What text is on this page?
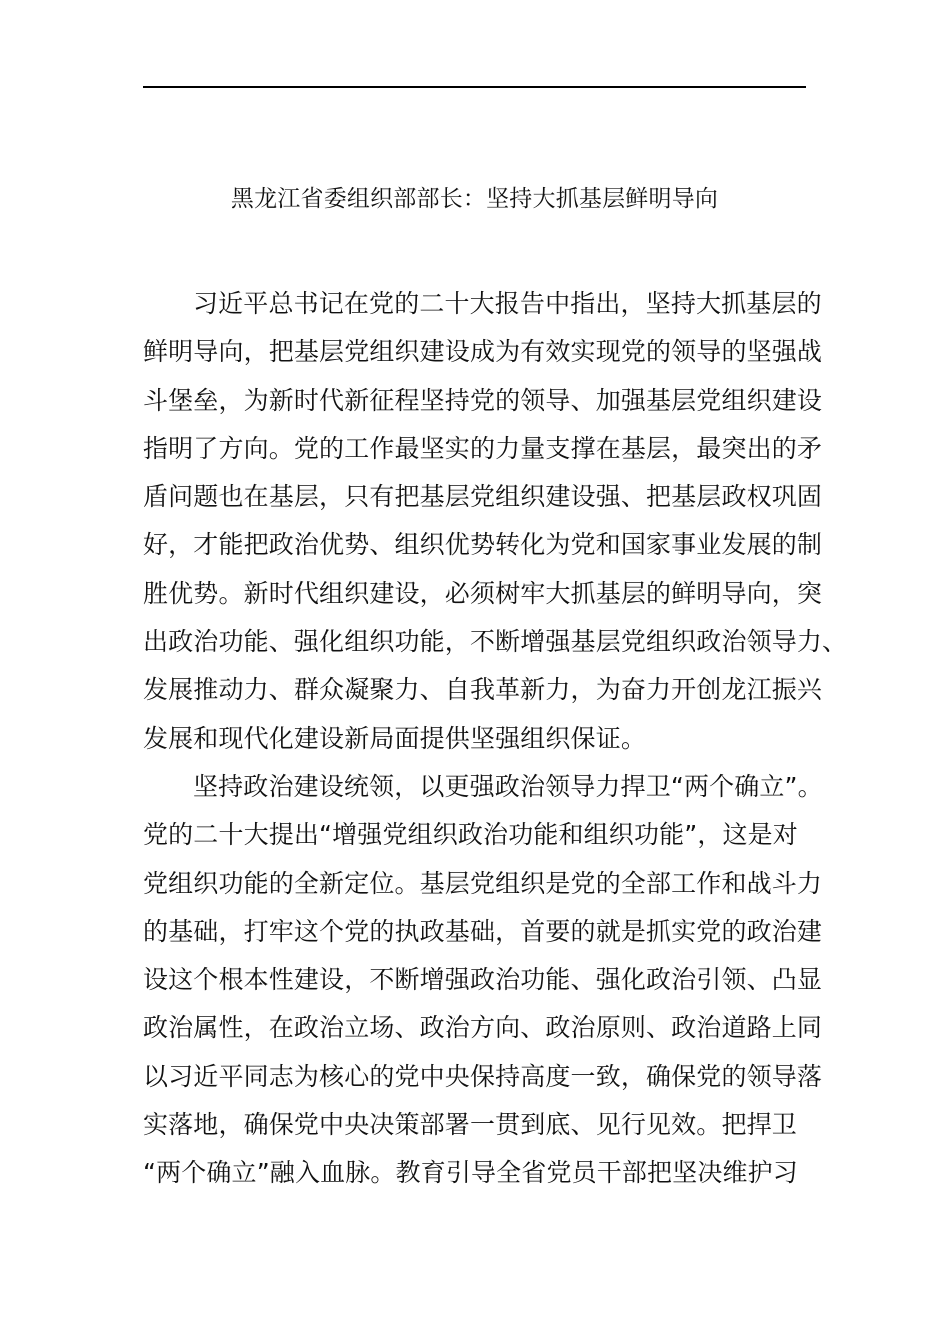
黑龙江省委组织部部长：坚持大抓基层鲜明导向
习近平总书记在党的二十大报告中指出，坚持大抓基层的
鲜明导向，把基层党组织建设成为有效实现党的领导的坚强战
斗堡垒，为新时代新征程坚持党的领导、加强基层党组织建设
指明了方向。党的工作最坚实的力量支撑在基层，最突出的矛
盾问题也在基层，只有把基层党组织建设强、把基层政权巩固
好，才能把政治优势、组织优势转化为党和国家事业发展的制
胜优势。新时代组织建设，必须树牢大抓基层的鲜明导向，突
出政治功能、强化组织功能，不断增强基层党组织政治领导力、
发展推动力、群众凝聚力、自我革新力，为奋力开创龙江振兴
发展和现代化建设新局面提供坚强组织保证。
坚持政治建设统领，以更强政治领导力捍卫“两个确立”。
党的二十大提出“增强党组织政治功能和组织功能”，这是对
党组织功能的全新定位。基层党组织是党的全部工作和战斗力
的基础，打牢这个党的执政基础，首要的就是抓实党的政治建
设这个根本性建设，不断增强政治功能、强化政治引领、凸显
政治属性，在政治立场、政治方向、政治原则、政治道路上同
以习近平同志为核心的党中央保持高度一致，确保党的领导落
实落地，确保党中央决策部署一贯到底、见行见效。把捍卫
“两个确立”融入血脉。教育引导全省党员干部把坚决维护习
